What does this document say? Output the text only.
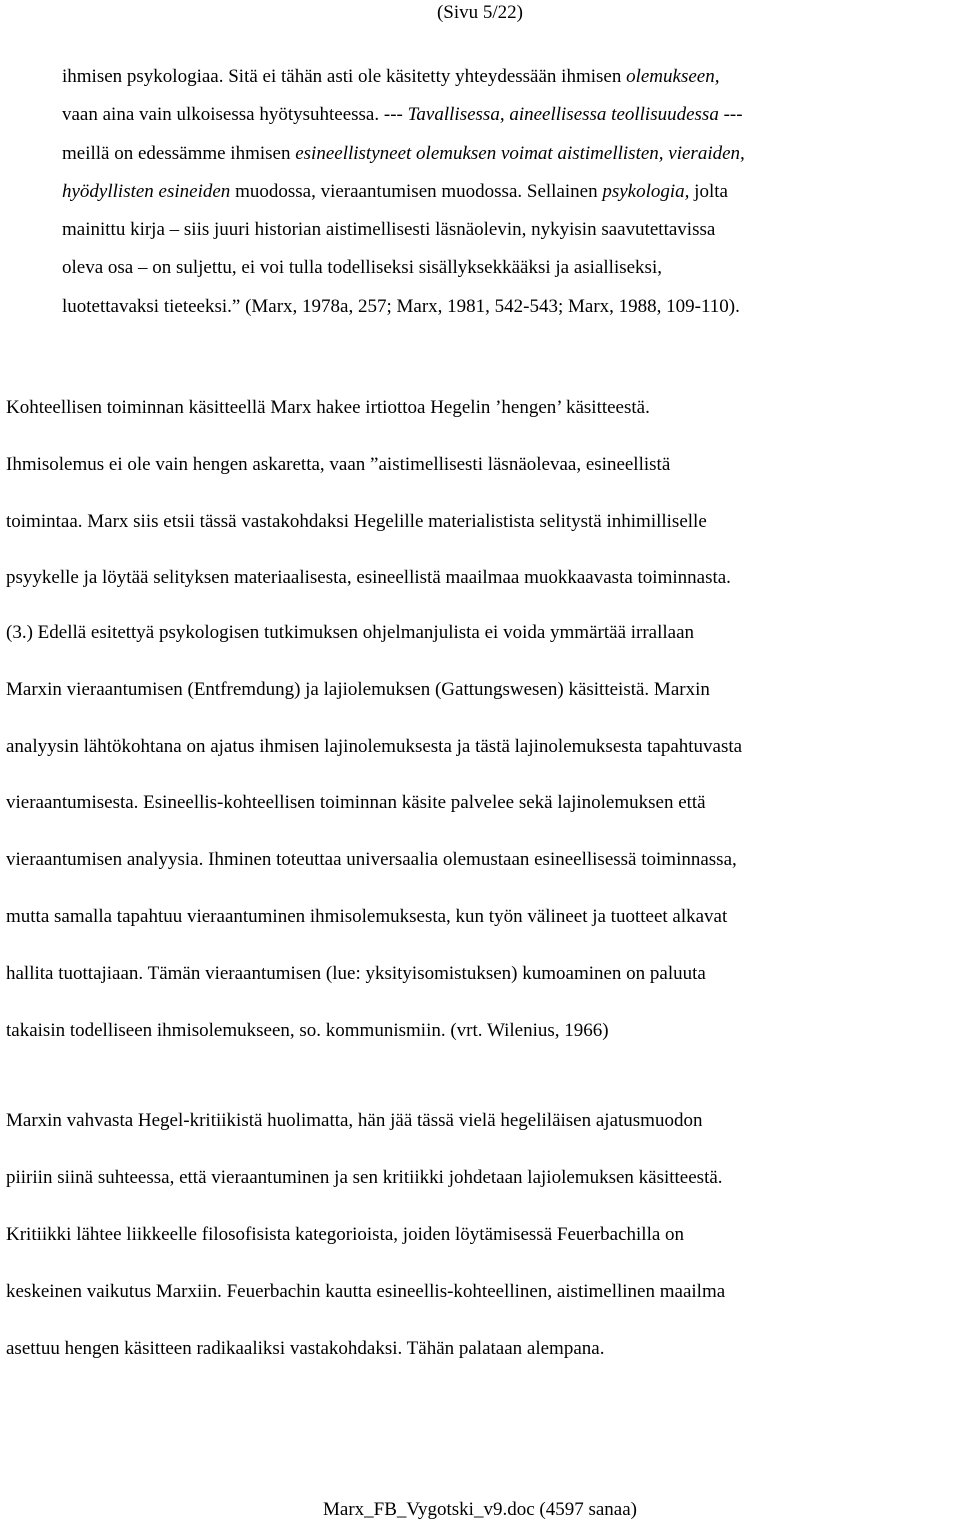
(Sivu 5/22)
ihmisen psykologiaa. Sitä ei tähän asti ole käsitetty yhteydessään ihmisen olemukseen,
vaan aina vain ulkoisessa hyötysuhteessa. --- Tavallisessa, aineellisessa teollisuudessa ---
meillä on edessämme ihmisen esineellistyneet olemuksen voimat aistimellisten, vieraiden,
hyödyllisten esineiden muodossa, vieraantumisen muodossa. Sellainen psykologia, jolta
mainittu kirja – siis juuri historian aistimellisesti läsnäolevin, nykyisin saavutettavissa
oleva osa – on suljettu, ei voi tulla todelliseksi sisällyksekkääksi ja asialliseksi,
luotettavaksi tieteeksi.” (Marx, 1978a, 257; Marx, 1981, 542-543; Marx, 1988, 109-110).
Kohteellisen toiminnan käsitteellä Marx hakee irtiottoa Hegelin ’hengen’ käsitteestä.
Ihmisolemus ei ole vain hengen askaretta, vaan ”aistimellisesti läsnäolevaa, esineellistä
toimintaa. Marx siis etsii tässä vastakohdaksi Hegelille materialistista selitystä inhimilliselle
psyykelle ja löytää selityksen materiaalisesta, esineellistä maailmaa muokkaavasta toiminnasta.
(3.) Edellä esitettyä psykologisen tutkimuksen ohjelmanjulista ei voida ymmärtää irrallaan
Marxin vieraantumisen (Entfremdung) ja lajiolemuksen (Gattungswesen) käsitteistä. Marxin
analyysin lähtökohtana on ajatus ihmisen lajinolemuksesta ja tästä lajinolemuksesta tapahtuvasta
vieraantumisesta. Esineellis-kohteellisen toiminnan käsite palvelee sekä lajinolemuksen että
vieraantumisen analyysia. Ihminen toteuttaa universaalia olemustaan esineellisessä toiminnassa,
mutta samalla tapahtuu vieraantuminen ihmisolemuksesta, kun työn välineet ja tuotteet alkavat
hallita tuottajiaan. Tämän vieraantumisen (lue: yksityisomistuksen) kumoaminen on paluuta
takaisin todelliseen ihmisolemukseen, so. kommunismiin. (vrt. Wilenius, 1966)
Marxin vahvasta Hegel-kritiikistä huolimatta, hän jää tässä vielä hegeliläisen ajatusmuodon
piiriin siinä suhteessa, että vieraantuminen ja sen kritiikki johdetaan lajiolemuksen käsitteestä.
Kritiikki lähtee liikkeelle filosofisista kategorioista, joiden löytämisessä Feuerbachilla on
keskeinen vaikutus Marxiin. Feuerbachin kautta esineellis-kohteellinen, aistimellinen maailma
asettuu hengen käsitteen radikaaliksi vastakohdaksi. Tähän palataan alempana.
Marx_FB_Vygotski_v9.doc (4597 sanaa)
